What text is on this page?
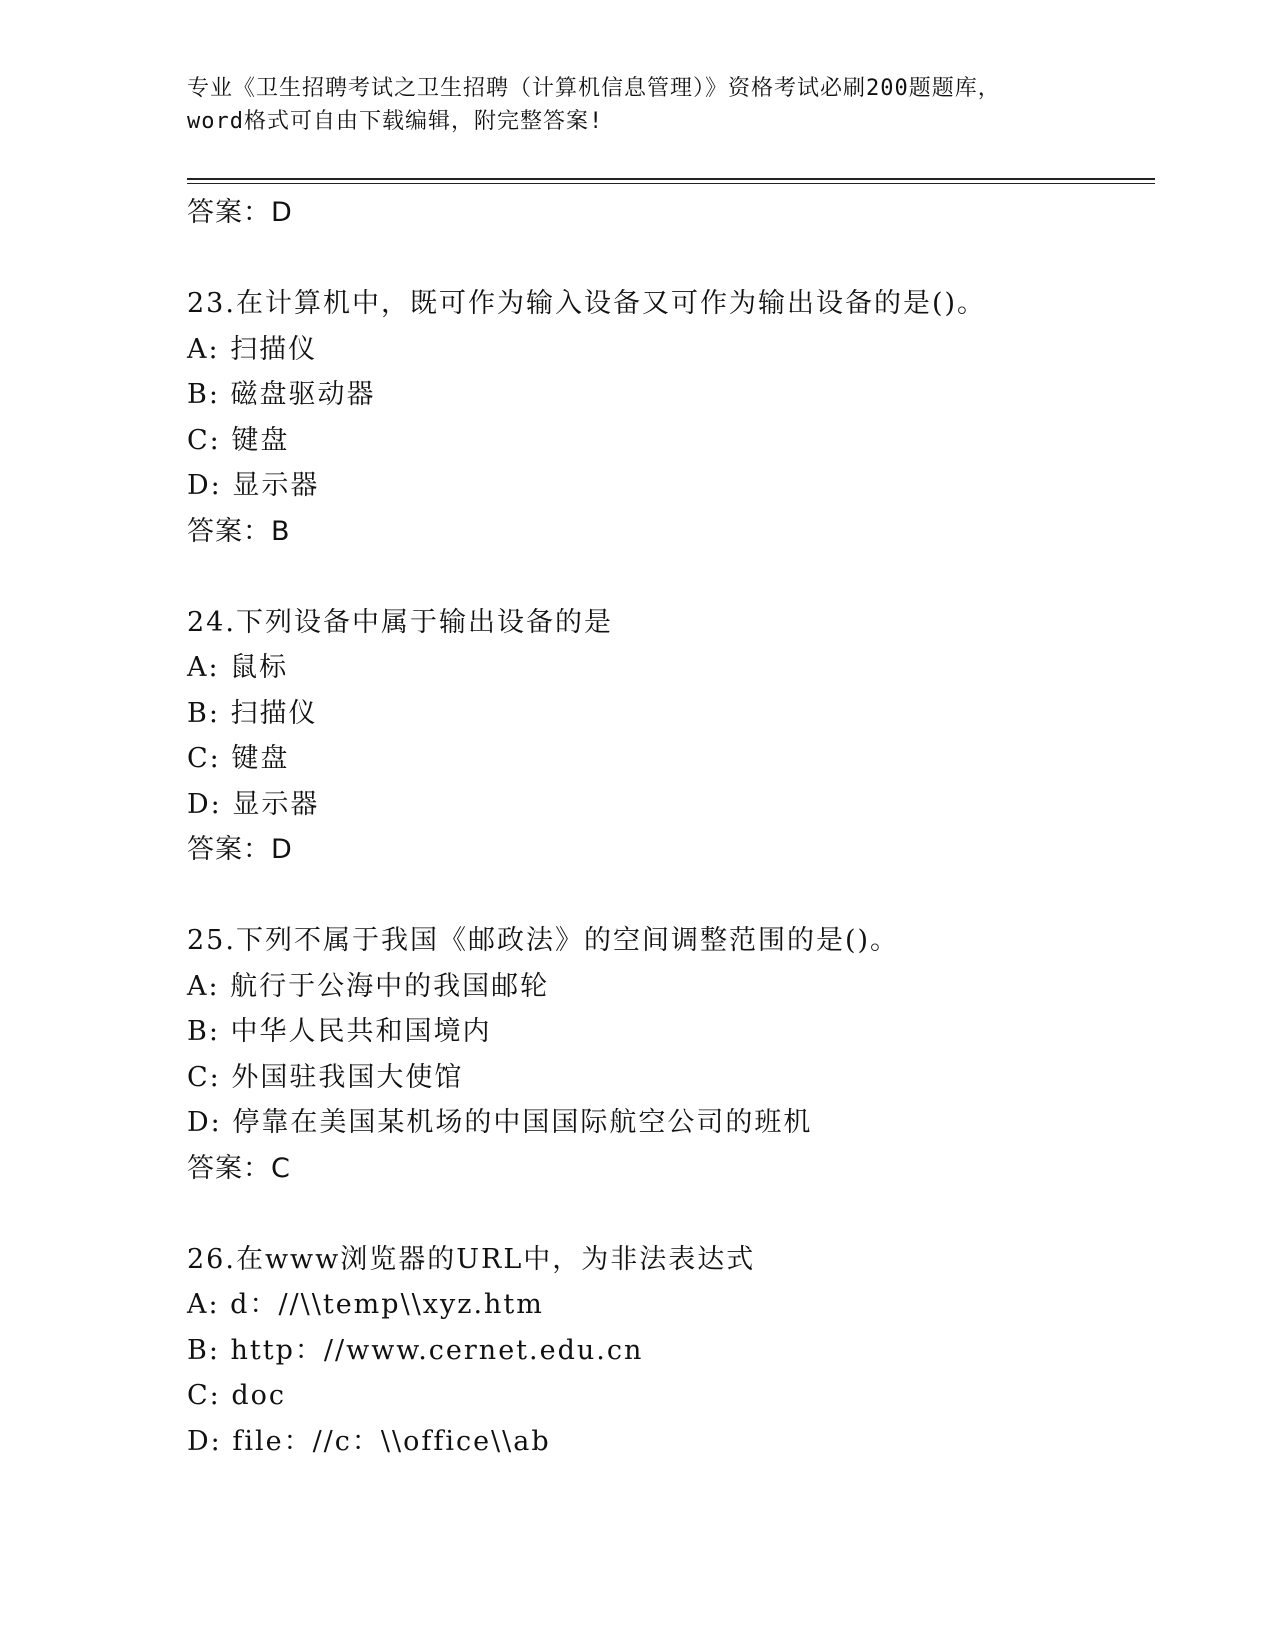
专业《卫生招聘考试之卫生招聘（计算机信息管理）》资格考试必刷200题题库，
word格式可自由下载编辑，附完整答案!
答案：D
23.在计算机中，既可作为输入设备又可作为输出设备的是()。
A: 扫描仪
B: 磁盘驱动器
C: 键盘
D: 显示器
答案：B
24.下列设备中属于输出设备的是
A: 鼠标
B: 扫描仪
C: 键盘
D: 显示器
答案：D
25.下列不属于我国《邮政法》的空间调整范围的是()。
A: 航行于公海中的我国邮轮
B: 中华人民共和国境内
C: 外国驻我国大使馆
D: 停靠在美国某机场的中国国际航空公司的班机
答案：C
26.在www浏览器的URL中，为非法表达式
A: d：//\\temp\\xyz.htm
B: http：//www.cernet.edu.cn
C: doc
D: file：//c：\\office\\ab
